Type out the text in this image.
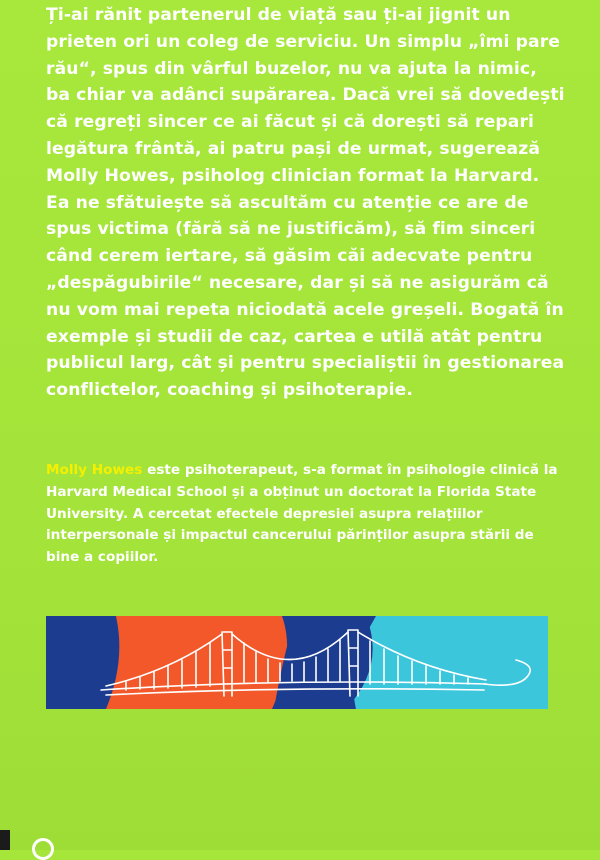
Ți-ai rănit partenerul de viață sau ți-ai jignit un prieten ori un coleg de serviciu. Un simplu „îmi pare rău“, spus din vârful buzelor, nu va ajuta la nimic, ba chiar va adânci supărarea. Dacă vrei să dovedești că regreți sincer ce ai făcut și că dorești să repari legătura frântă, ai patru pași de urmat, sugerează Molly Howes, psiholog clinician format la Harvard. Ea ne sfătuiește să ascultăm cu atenție ce are de spus victima (fără să ne justificăm), să fim sinceri când cerem iertare, să găsim căi adecvate pentru „despăgubirile“ necesare, dar și să ne asigurăm că nu vom mai repeta niciodată acele greșeli. Bogată în exemple și studii de caz, cartea e utilă atât pentru publicul larg, cât și pentru specialiștii în gestionarea conflictelor, coaching și psihoterapie.

Molly Howes este psihoterapeut, s-a format în psihologie clinică la Harvard Medical School și a obținut un doctorat la Florida State University. A cercetat efectele depresiei asupra relațiilor interpersonale și impactul cancerului părinților asupra stării de bine a copiilor.
